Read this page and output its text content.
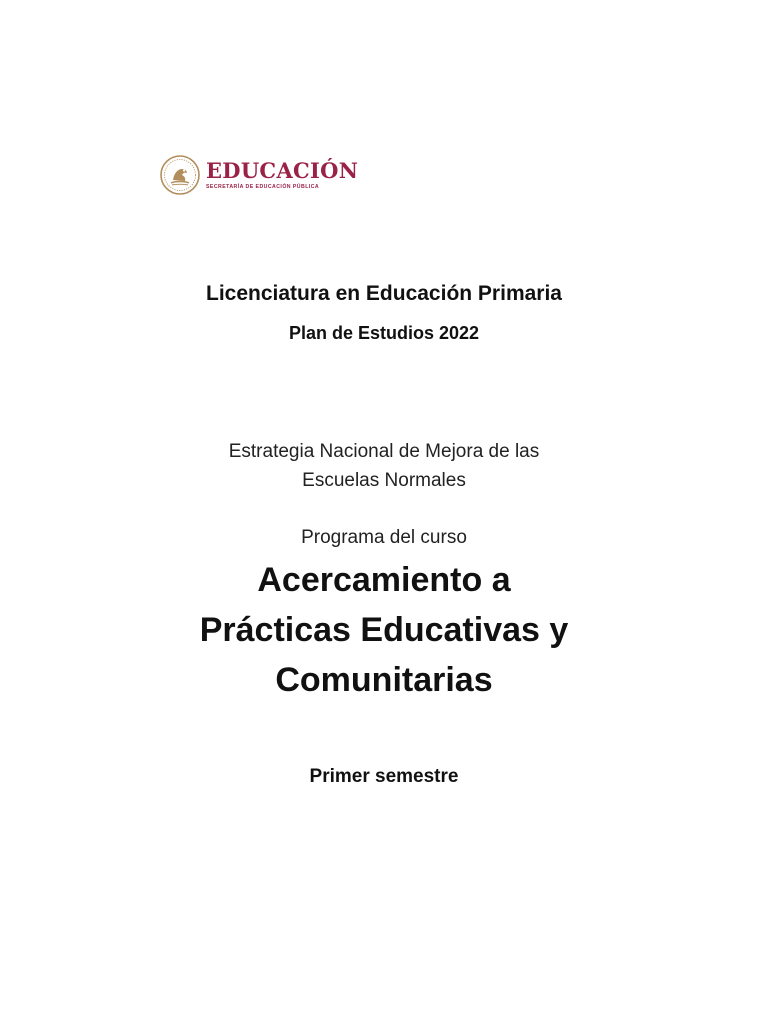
EDUCACIÓN
SECRETARÍA DE EDUCACIÓN PÚBLICA
Licenciatura en Educación Primaria
Plan de Estudios 2022
Estrategia Nacional de Mejora de las
Escuelas Normales
Programa del curso
Acercamiento a
Prácticas Educativas y
Comunitarias
Primer semestre
